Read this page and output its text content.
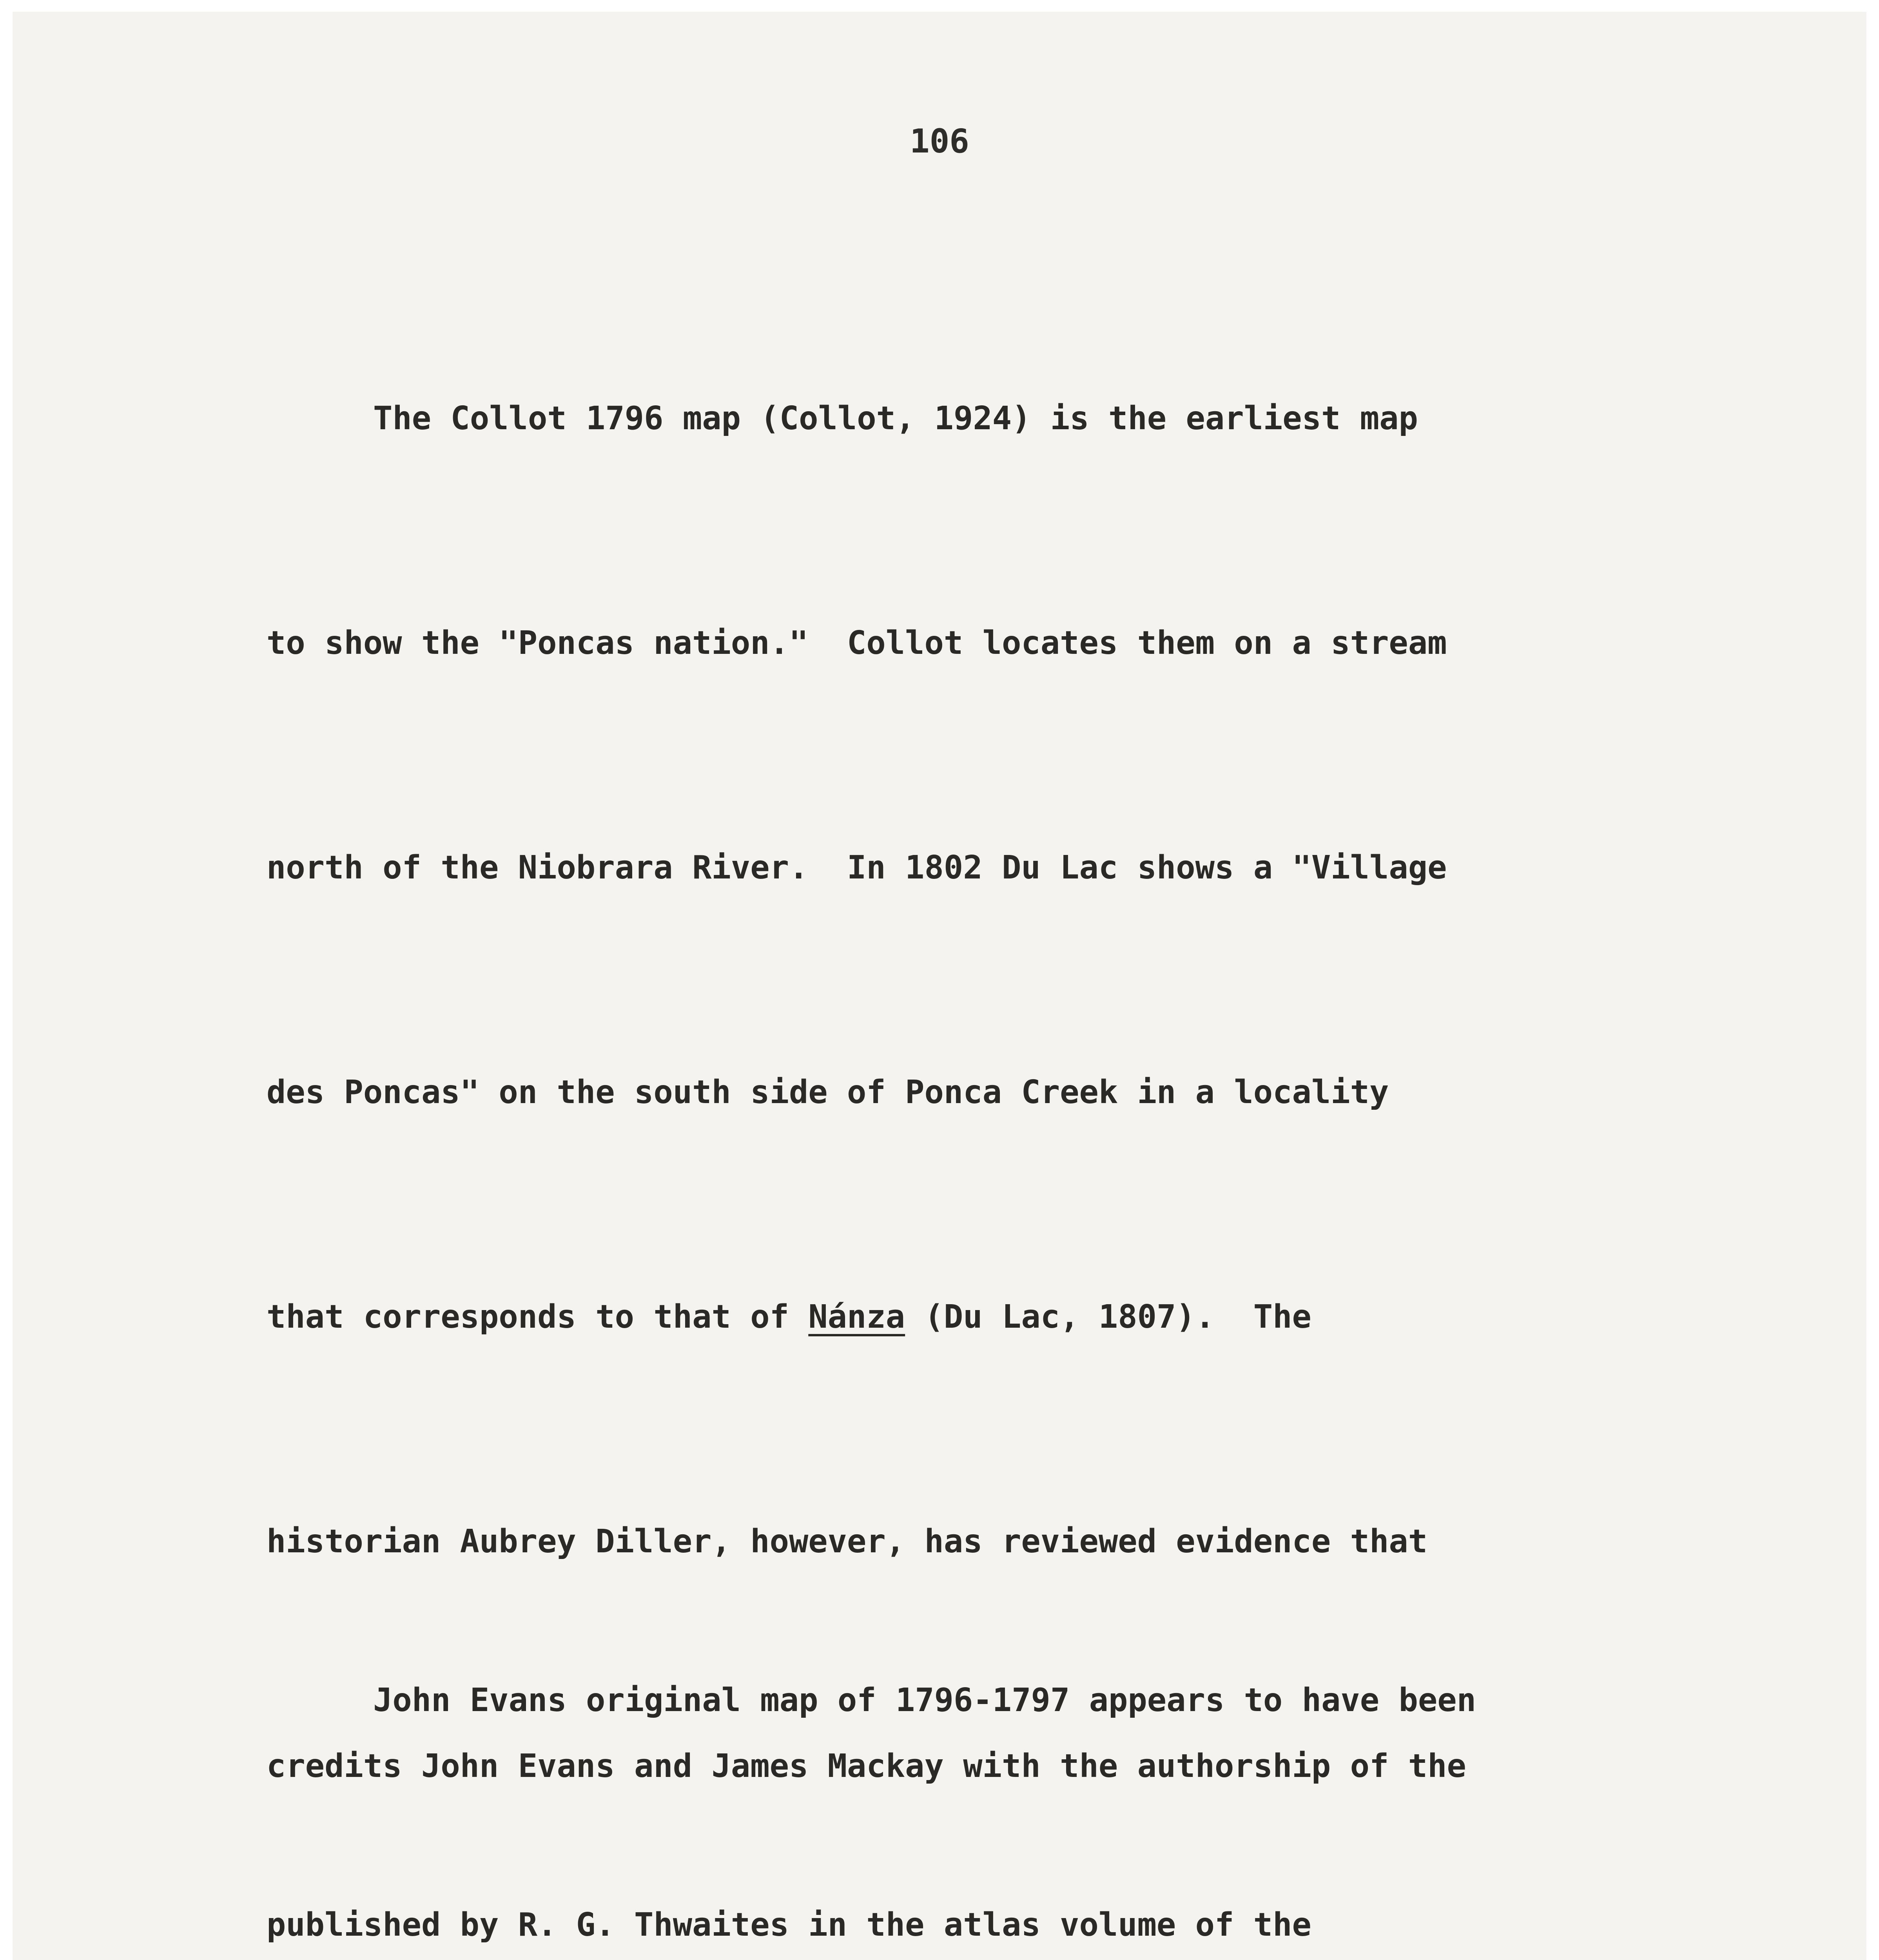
106

The Collot 1796 map (Collot, 1924) is the earliest map

to show the "Poncas nation."  Collot locates them on a stream

north of the Niobrara River.  In 1802 Du Lac shows a "Village

des Poncas" on the south side of Ponca Creek in a locality

that corresponds to that of Nánza (Du Lac, 1807).  The

historian Aubrey Diller, however, has reviewed evidence that

credits John Evans and James Mackay with the authorship of the

John Evans original map of 1796-1797 appears to have been

published by R. G. Thwaites in the atlas volume of the
